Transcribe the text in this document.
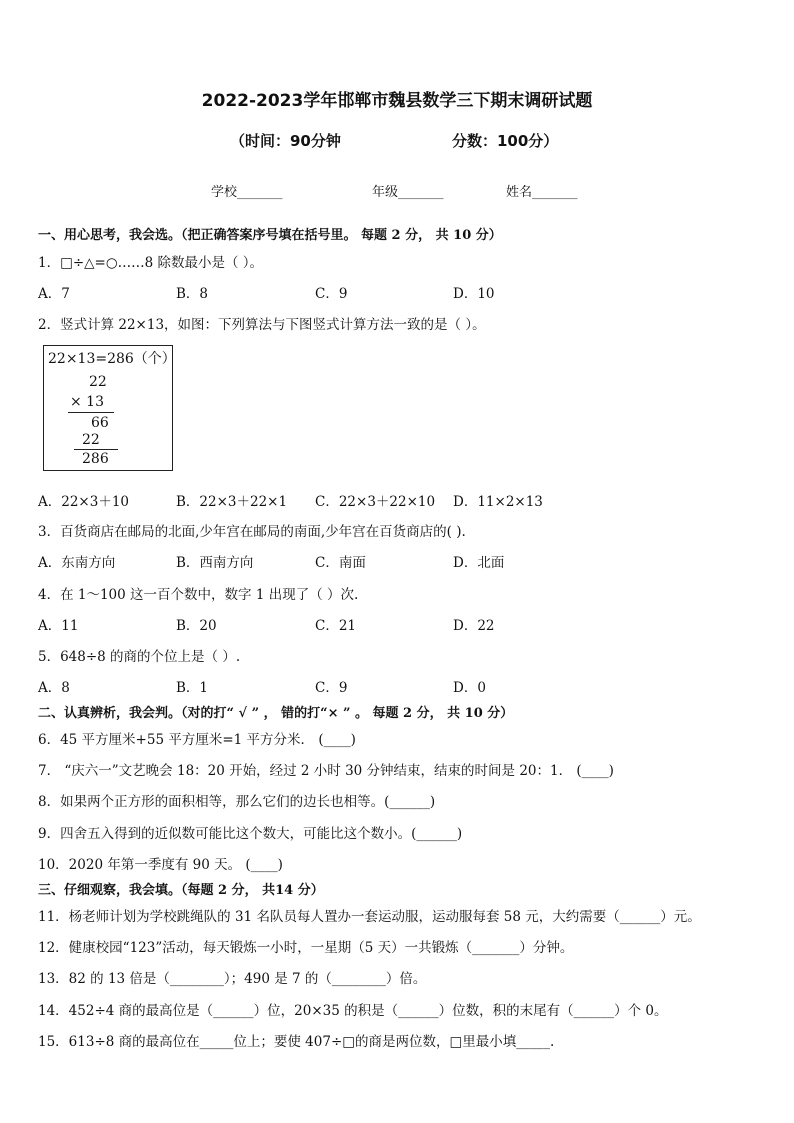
2022-2023学年邯郸市魏县数学三下期末调研试题
（时间：90分钟	分数：100分）
学校_______	年级_______	姓名_______
一、用心思考，我会选。（把正确答案序号填在括号里。 每题 2 分， 共 10 分）
1．□÷△=○……8 除数最小是（ ）。
A．7	B．8	C．9	D．10
2．竖式计算 22×13，如图：下列算法与下图竖式计算方法一致的是（ ）。
22×13=286（个）
22
× 13
66
22
286
A．22×3＋10	B．22×3＋22×1 C．22×3＋22×10 D．11×2×13
3．百货商店在邮局的北面,少年宫在邮局的南面,少年宫在百货商店的( ).
A．东南方向	B．西南方向	C．南面	D．北面
4．在 1～100 这一百个数中，数字 1 出现了（ ）次.
A．11	B．20	C．21	D．22
5．648÷8 的商的个位上是（ ）.
A．8	B．1	C．9	D．0
二、认真辨析，我会判。（对的打“ √ ” ， 错的打“× ” 。 每题 2 分， 共 10 分）
6．45 平方厘米+55 平方厘米=1 平方分米． (____)
7． “庆六一”文艺晚会 18：20 开始，经过 2 小时 30 分钟结束，结束的时间是 20：1． (____)
8．如果两个正方形的面积相等，那么它们的边长也相等。(______)
9．四舍五入得到的近似数可能比这个数大，可能比这个数小。(______)
10．2020 年第一季度有 90 天。 (____)
三、仔细观察，我会填。（每题 2 分， 共14 分）
11．杨老师计划为学校跳绳队的 31 名队员每人置办一套运动服，运动服每套 58 元，大约需要（______）元。
12．健康校园“123”活动，每天锻炼一小时，一星期（5 天）一共锻炼（_______）分钟。
13．82 的 13 倍是（________）；490 是 7 的（________）倍。
14．452÷4 商的最高位是（______）位，20×35 的积是（______）位数，积的末尾有（______）个 0。
15．613÷8 商的最高位在_____位上；要使 407÷□的商是两位数，□里最小填_____.
